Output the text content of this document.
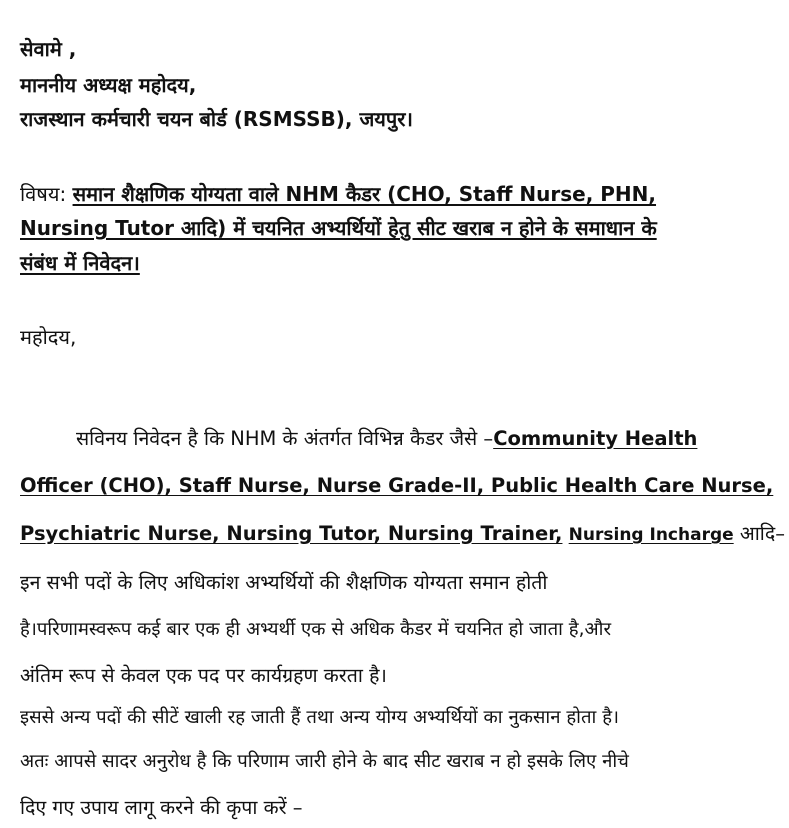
सेवामे ,
माननीय अध्यक्ष महोदय,
राजस्थान कर्मचारी चयन बोर्ड (RSMSSB), जयपुर।
विषय: समान शैक्षणिक योग्यता वाले NHM कैडर (CHO, Staff Nurse, PHN,
Nursing Tutor आदि) में चयनित अभ्यर्थियों हेतु सीट खराब न होने के समाधान के
संबंध में निवेदन।
महोदय,
सविनय निवेदन है कि NHM के अंतर्गत विभिन्न कैडर जैसे –Community Health
Officer (CHO), Staff Nurse, Nurse Grade-II, Public Health Care Nurse,
Psychiatric Nurse, Nursing Tutor, Nursing Trainer, Nursing Incharge आदि–
इन सभी पदों के लिए अधिकांश अभ्यर्थियों की शैक्षणिक योग्यता समान होती
है।परिणामस्वरूप कई बार एक ही अभ्यर्थी एक से अधिक कैडर में चयनित हो जाता है,और
अंतिम रूप से केवल एक पद पर कार्यग्रहण करता है।
इससे अन्य पदों की सीटें खाली रह जाती हैं तथा अन्य योग्य अभ्यर्थियों का नुकसान होता है।
अतः आपसे सादर अनुरोध है कि परिणाम जारी होने के बाद सीट खराब न हो इसके लिए नीचे
दिए गए उपाय लागू करने की कृपा करें –
